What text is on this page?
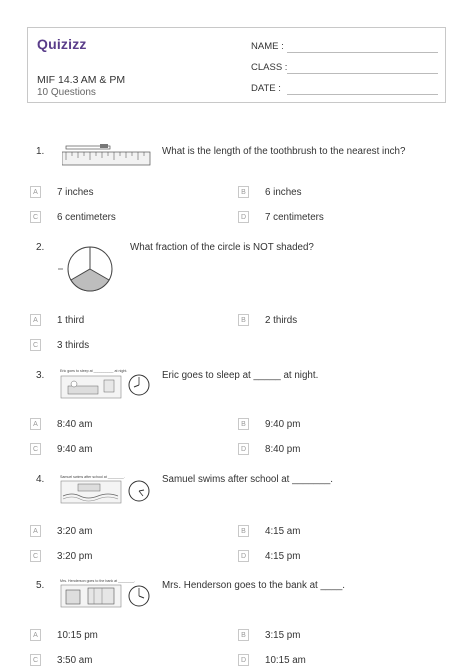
Quizizz
MIF 14.3 AM & PM
10 Questions
NAME :
CLASS :
DATE :
1.	What is the length of the toothbrush to the nearest inch?
A	7 inches	B	6 inches
C	6 centimeters	D	7 centimeters
2.	What fraction of the circle is NOT shaded?
A	1 third	B	2 thirds
C	3 thirds
3.	Eric goes to sleep at __________ at night.	Eric goes to sleep at _____ at night.
A	8:40 am	B	9:40 pm
C	9:40 am	D	8:40 pm
4.	Samuel swims after school at ________.	Samuel swims after school at _______.
A	3:20 am	B	4:15 am
C	3:20 pm	D	4:15 pm
5.	Mrs. Henderson goes to the bank at ________.	Mrs. Henderson goes to the bank at ____.
A	10:15 pm	B	3:15 pm
C	3:50 am	D	10:15 am
